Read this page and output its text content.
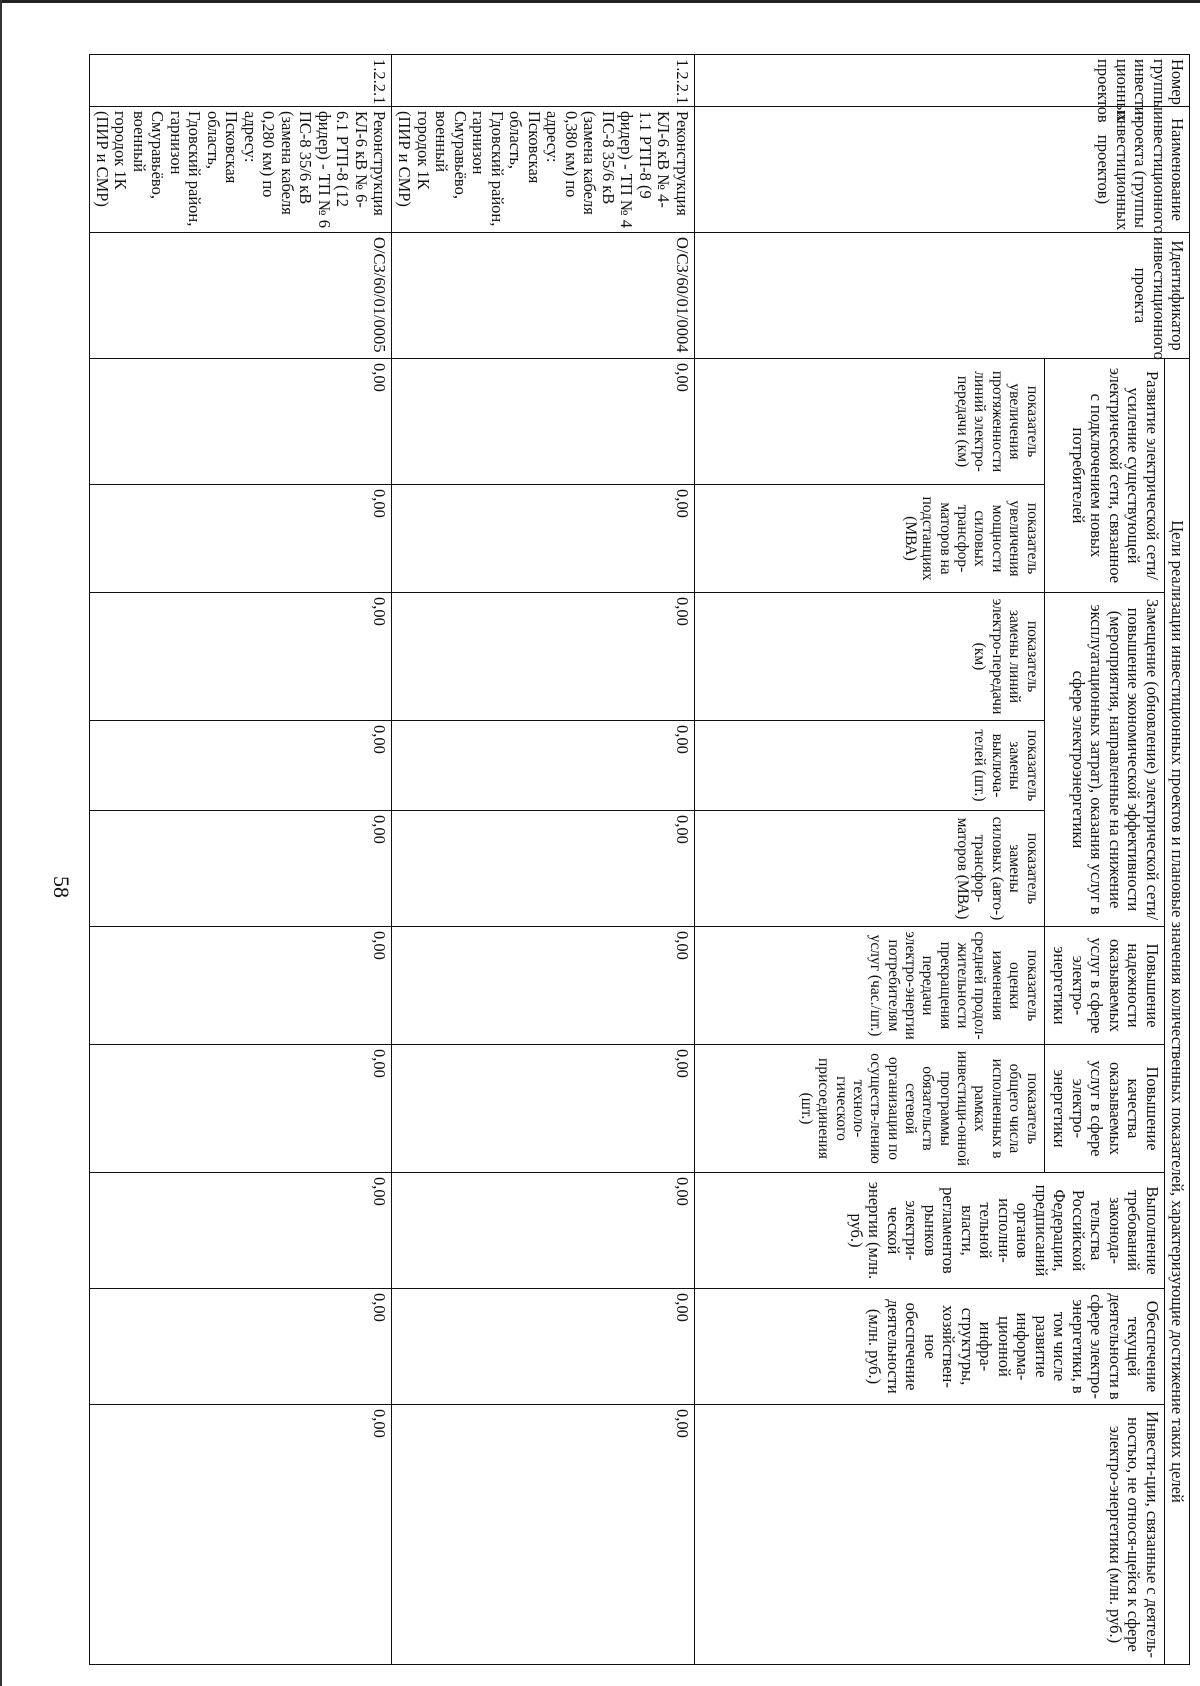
58
Номер группы инвести-ционных проектов	Наименование инвестиционного проекта (группы инвестиционных проектов)	Идентификатор инвестиционного проекта	Цели реализации инвестиционных проектов и плановые значения количественных показателей, характеризующие достижение таких целей									
			Развитие электрической сети/усиление существующей электрической сети, связанное с подключением новых потребителей		Замещение (обновление) электрической сети/повышение экономической эффективности (мероприятия, направленные на снижение эксплуатационных затрат), оказания услуг в сфере электроэнергетики			Повышение надежности оказываемых услуг в сфере электро-энергетики	Повышение качества оказываемых услуг в сфере электро-энергетики	Выполнение требований законода-тельства Российской Федерации, предписаний органов исполни-тельной власти, регламентов рынков электри-ческой энергии (млн. руб.)	Обеспечение текущей деятельности в сфере электро-энергетики, в том числе развитие информа-ционной инфра-структуры, хозяйствен-ное обеспечение деятельности (млн. руб.)	Инвести-ции, связанные с деятель-ностью, не относя-щейся к сфере электро-энергетики (млн. руб.)
								показатель оценки изменения средней продол-жительности прекращения передачи электро-энергии потребителям услуг (час./шт.)	показатель общего числа исполненных в рамках инвестици-онной программы обязательств сетевой организации по осуществ-лению техноло-гического присоединения (шт.)			
			показатель увеличения протяженности линий электро-передачи (км)	показатель увеличения мощности силовых трансфор-маторов на подстанциях (МВА)	показатель замены линий электро-передачи (км)	показатель замены выключа-телей (шт.)	показатель замены силовых (авто-) трансфор-маторов (МВА)					
1.2.2.1	Реконструкция КЛ-6 кВ № 4-1.1 РТП-8 (9 фидер) - ТП № 4 ПС-8 35/6 кВ (замена кабеля 0,380 км) по адресу: Псковская область, Гдовский район, гарнизон Смуравьёво, военный городок 1К (ПИР и СМР)	O/СЗ/60/01/0004	0,00	0,00	0,00	0,00	0,00	0,00	0,00	0,00	0,00	0,00
1.2.2.1	Реконструкция КЛ-6 кВ № 6-6.1 РТП-8 (12 фидер) - ТП № 6 ПС-8 35/6 кВ (замена кабеля 0,280 км) по адресу: Псковская область, Гдовский район, гарнизон Смуравьёво, военный городок 1К (ПИР и СМР)	O/СЗ/60/01/0005	0,00	0,00	0,00	0,00	0,00	0,00	0,00	0,00	0,00	0,00
